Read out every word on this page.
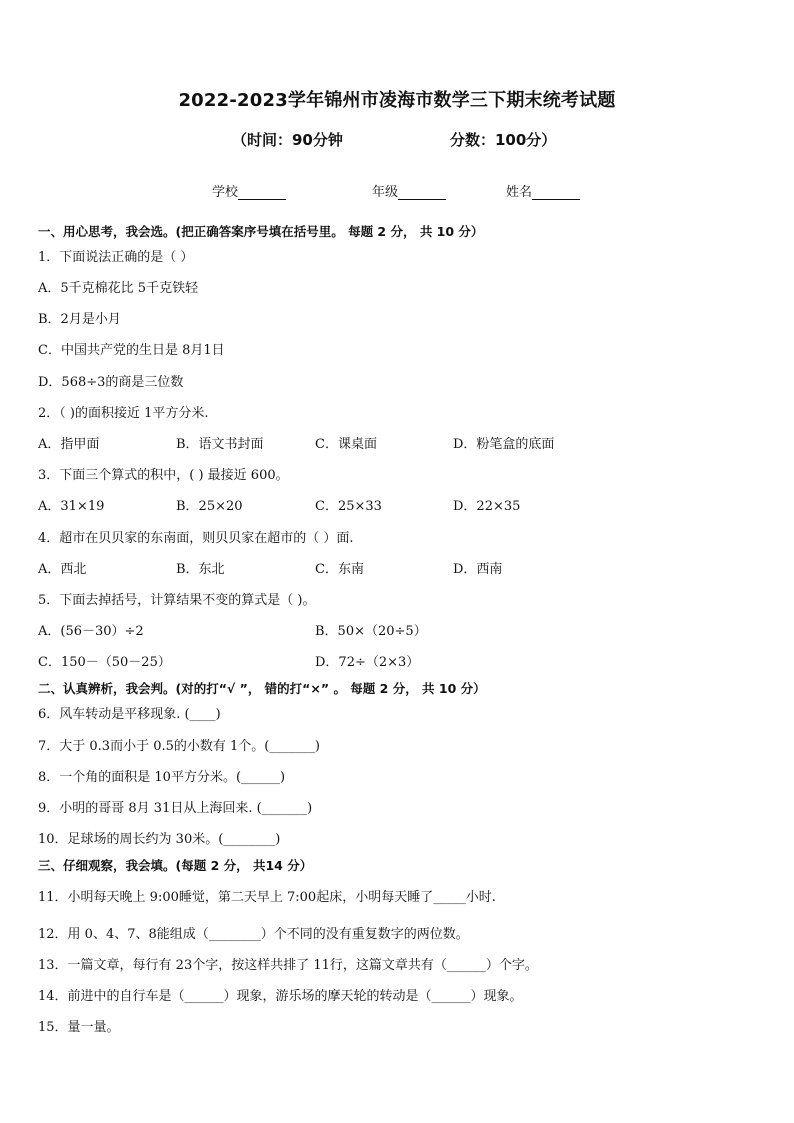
2022-2023学年锦州市凌海市数学三下期末统考试题
（时间：90分钟	分数：100分）
学校	年级	姓名
一、用心思考，我会选。(把正确答案序号填在括号里。 每题 2 分， 共 10 分）
1．下面说法正确的是（ ）
A．5千克棉花比 5千克铁轻
B．2月是小月
C．中国共产党的生日是 8月1日
D．568÷3的商是三位数
2．（ )的面积接近 1平方分米.
A．指甲面	B．语文书封面	C．课桌面	D．粉笔盒的底面
3．下面三个算式的积中，( ) 最接近 600。
A．31×19	B．25×20	C．25×33	D．22×35
4．超市在贝贝家的东南面，则贝贝家在超市的（ ）面.
A．西北	B．东北	C．东南	D．西南
5．下面去掉括号，计算结果不变的算式是（ )。
A．(56－30）÷2	B．50×（20÷5）
C．150－（50－25）	D．72÷（2×3）
二、认真辨析，我会判。(对的打“√ ”， 错的打“×” 。 每题 2 分， 共 10 分）
6．风车转动是平移现象. (____)
7．大于 0.3而小于 0.5的小数有 1个。(_______)
8．一个角的面积是 10平方分米。(______)
9．小明的哥哥 8月 31日从上海回来. (_______)
10．足球场的周长约为 30米。(________)
三、仔细观察，我会填。(每题 2 分， 共14 分）
11．小明每天晚上 9:00睡觉，第二天早上 7:00起床，小明每天睡了_____小时.
12．用 0、4、7、8能组成（________）个不同的没有重复数字的两位数。
13．一篇文章，每行有 23个字，按这样共排了 11行，这篇文章共有（______）个字。
14．前进中的自行车是（______）现象，游乐场的摩天轮的转动是（______）现象。
15．量一量。
